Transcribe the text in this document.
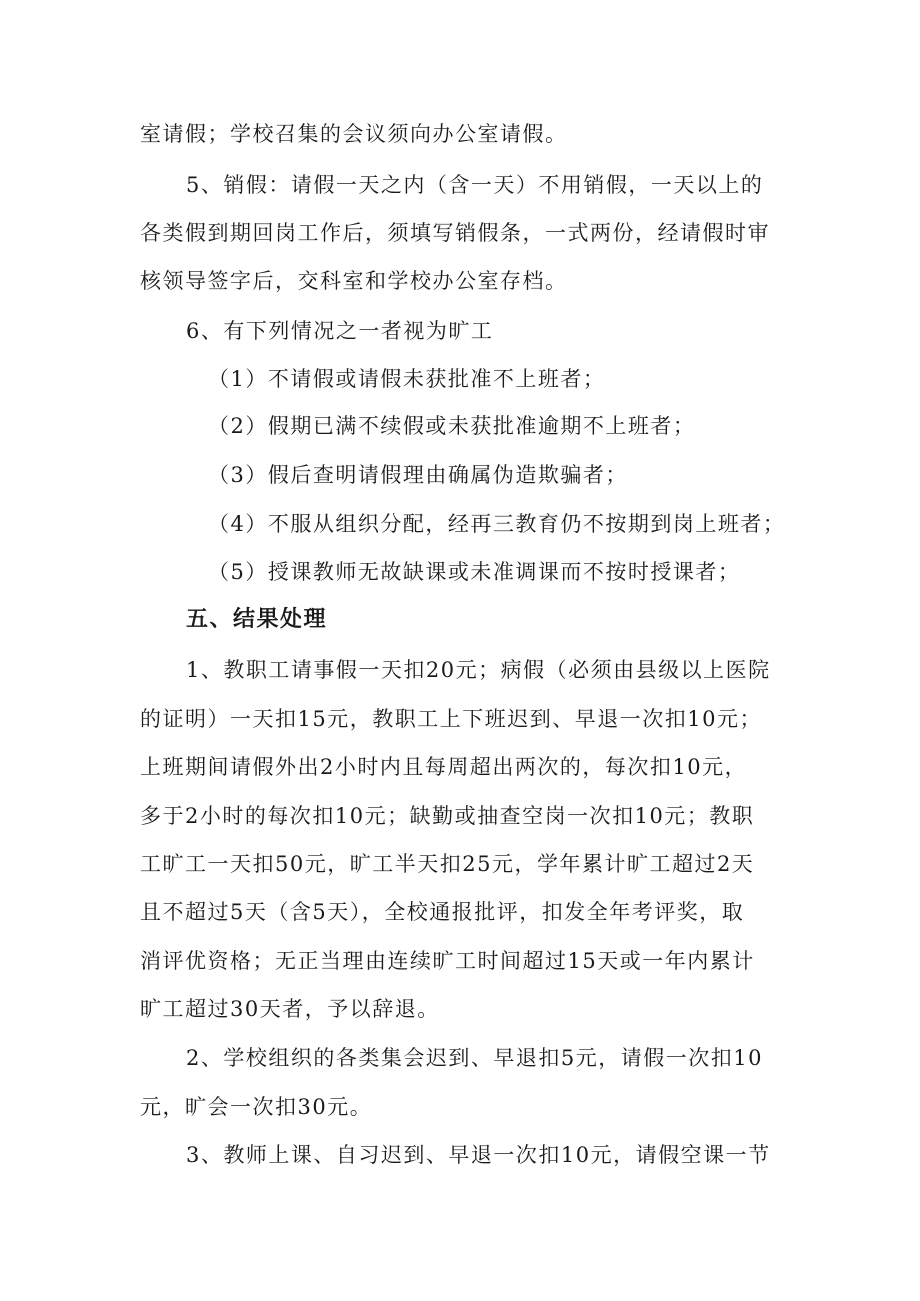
室请假；学校召集的会议须向办公室请假。
5、销假：请假一天之内（含一天）不用销假，一天以上的
各类假到期回岗工作后，须填写销假条，一式两份，经请假时审
核领导签字后，交科室和学校办公室存档。
6、有下列情况之一者视为旷工
（1）不请假或请假未获批准不上班者；
（2）假期已满不续假或未获批准逾期不上班者；
（3）假后查明请假理由确属伪造欺骗者；
（4）不服从组织分配，经再三教育仍不按期到岗上班者；
（5）授课教师无故缺课或未准调课而不按时授课者；
五、结果处理
1、教职工请事假一天扣20元；病假（必须由县级以上医院
的证明）一天扣15元，教职工上下班迟到、早退一次扣10元；
上班期间请假外出2小时内且每周超出两次的，每次扣10元，
多于2小时的每次扣10元；缺勤或抽查空岗一次扣10元；教职
工旷工一天扣50元，旷工半天扣25元，学年累计旷工超过2天
且不超过5天（含5天），全校通报批评，扣发全年考评奖，取
消评优资格；无正当理由连续旷工时间超过15天或一年内累计
旷工超过30天者，予以辞退。
2、学校组织的各类集会迟到、早退扣5元，请假一次扣10
元，旷会一次扣30元。
3、教师上课、自习迟到、早退一次扣10元，请假空课一节
